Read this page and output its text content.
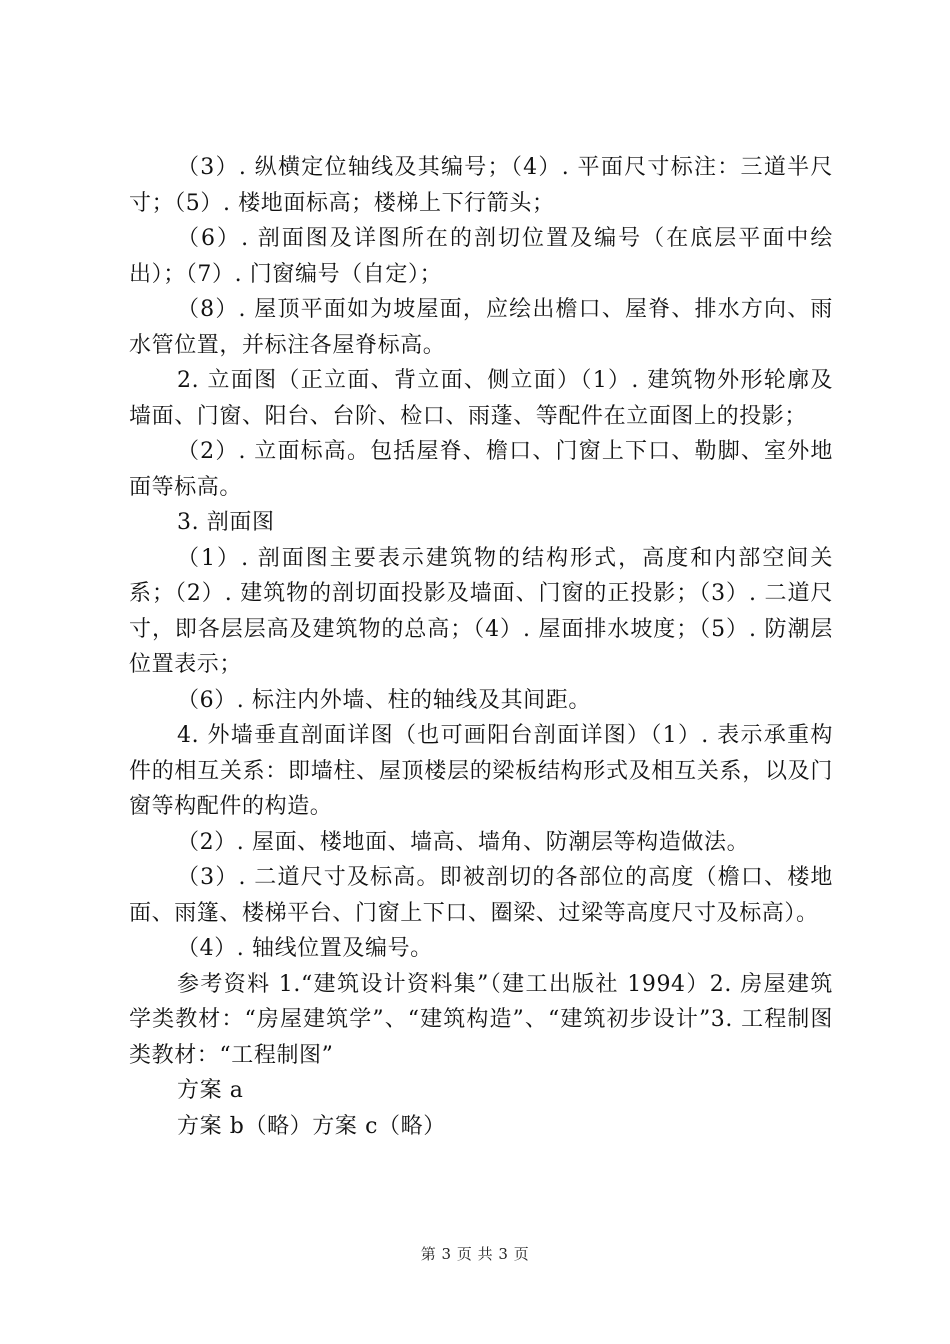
（3）. 纵横定位轴线及其编号；（4）. 平面尺寸标注：三道半尺寸；（5）. 楼地面标高；楼梯上下行箭头；

（6）. 剖面图及详图所在的剖切位置及编号（在底层平面中绘出）；（7）. 门窗编号（自定）；

（8）. 屋顶平面如为坡屋面，应绘出檐口、屋脊、排水方向、雨水管位置，并标注各屋脊标高。

2. 立面图（正立面、背立面、侧立面）（1）. 建筑物外形轮廓及墙面、门窗、阳台、台阶、检口、雨蓬、等配件在立面图上的投影；

（2）. 立面标高。包括屋脊、檐口、门窗上下口、勒脚、室外地面等标高。

3. 剖面图

（1）. 剖面图主要表示建筑物的结构形式，高度和内部空间关系；（2）. 建筑物的剖切面投影及墙面、门窗的正投影；（3）. 二道尺寸，即各层层高及建筑物的总高；（4）. 屋面排水坡度；（5）. 防潮层位置表示；

（6）. 标注内外墙、柱的轴线及其间距。

4. 外墙垂直剖面详图（也可画阳台剖面详图）（1）. 表示承重构件的相互关系：即墙柱、屋顶楼层的梁板结构形式及相互关系，以及门窗等构配件的构造。

（2）. 屋面、楼地面、墙高、墙角、防潮层等构造做法。

（3）. 二道尺寸及标高。即被剖切的各部位的高度（檐口、楼地面、雨篷、楼梯平台、门窗上下口、圈梁、过梁等高度尺寸及标高）。

（4）. 轴线位置及编号。

参考资料 1.“建筑设计资料集”（建工出版社 1994）2. 房屋建筑学类教材：“房屋建筑学”、“建筑构造”、“建筑初步设计”3. 工程制图类教材：“工程制图”

方案 a

方案 b（略）方案 c（略）

第 3 页 共 3 页
